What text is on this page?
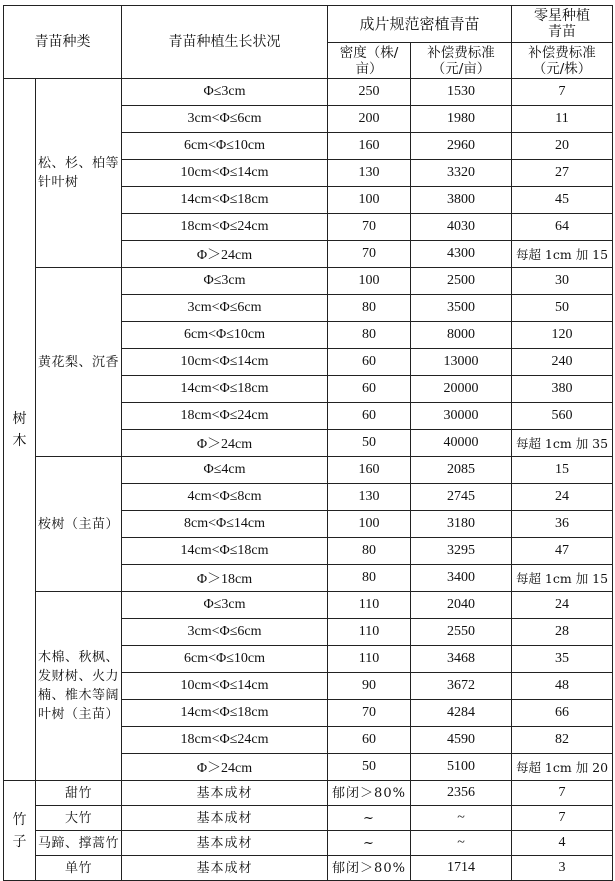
青苗种类		青苗种植生长状况	成片规范密植青苗		零星种植青苗
			密度（株/亩）	补偿费标准（元/亩）	补偿费标准（元/株）

树木	松、杉、柏等针叶树	Φ≤3cm	250	1530	7
		3cm<Φ≤6cm	200	1980	11
		6cm<Φ≤10cm	160	2960	20
		10cm<Φ≤14cm	130	3320	27
		14cm<Φ≤18cm	100	3800	45
		18cm<Φ≤24cm	70	4030	64
		Φ＞24cm	70	4300	每超 1cm 加 15
	黄花梨、沉香	Φ≤3cm	100	2500	30
		3cm<Φ≤6cm	80	3500	50
		6cm<Φ≤10cm	80	8000	120
		10cm<Φ≤14cm	60	13000	240
		14cm<Φ≤18cm	60	20000	380
		18cm<Φ≤24cm	60	30000	560
		Φ＞24cm	50	40000	每超 1cm 加 35
	桉树（主苗）	Φ≤4cm	160	2085	15
		4cm<Φ≤8cm	130	2745	24
		8cm<Φ≤14cm	100	3180	36
		14cm<Φ≤18cm	80	3295	47
		Φ＞18cm	80	3400	每超 1cm 加 15
	木棉、秋枫、发财树、火力楠、椎木等阔叶树（主苗）	Φ≤3cm	110	2040	24
		3cm<Φ≤6cm	110	2550	28
		6cm<Φ≤10cm	110	3468	35
		10cm<Φ≤14cm	90	3672	48
		14cm<Φ≤18cm	70	4284	66
		18cm<Φ≤24cm	60	4590	82
		Φ＞24cm	50	5100	每超 1cm 加 20

竹子	甜竹	基本成材	郁闭＞80%	2356	7
	大竹	基本成材	~	~	7
	马蹄、撑蒿竹	基本成材	~	~	4
	单竹	基本成材	郁闭＞80%	1714	3
